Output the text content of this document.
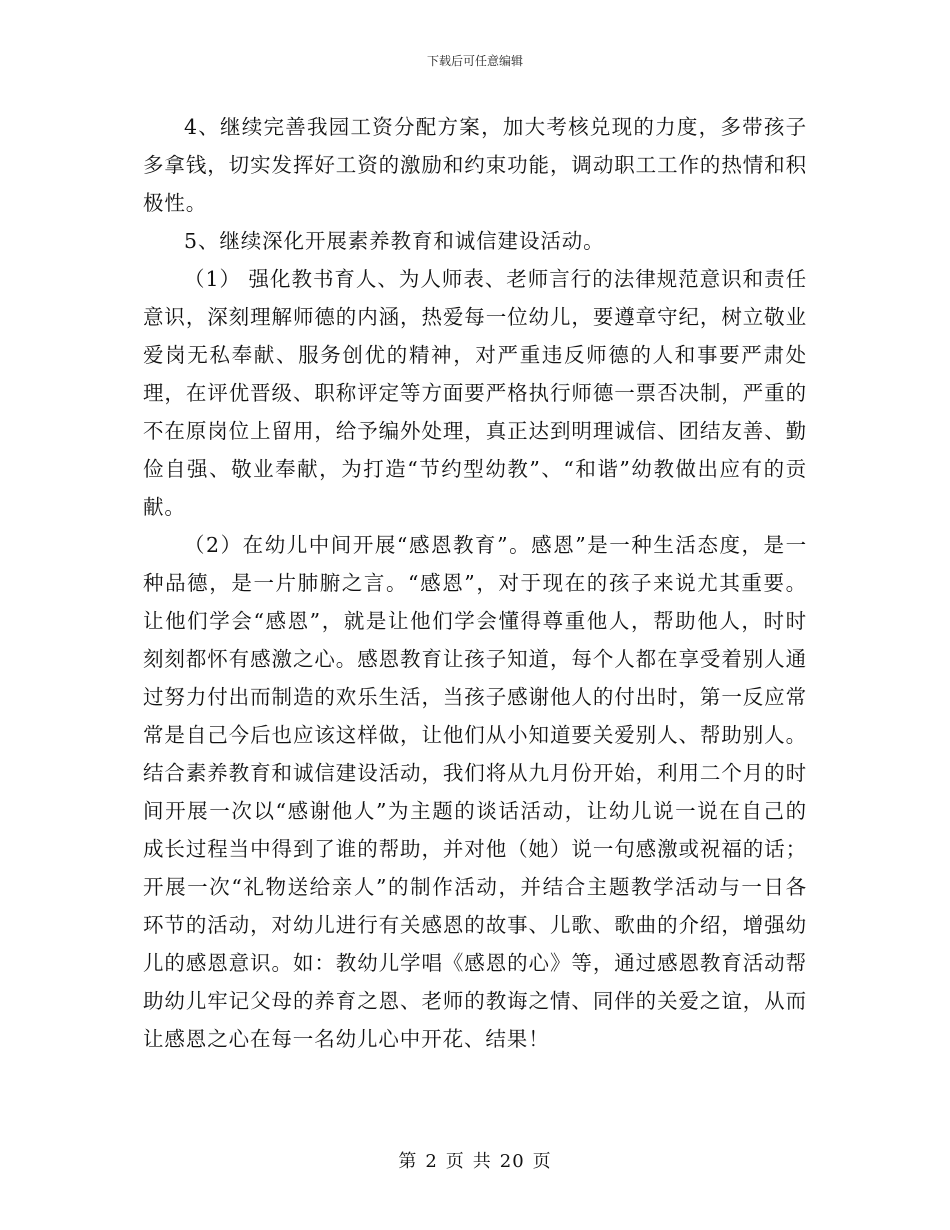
下载后可任意编辑

4、继续完善我园工资分配方案，加大考核兑现的力度，多带孩子多拿钱，切实发挥好工资的激励和约束功能，调动职工工作的热情和积极性。

5、继续深化开展素养教育和诚信建设活动。

（1） 强化教书育人、为人师表、老师言行的法律规范意识和责任意识，深刻理解师德的内涵，热爱每一位幼儿，要遵章守纪，树立敬业爱岗无私奉献、服务创优的精神，对严重违反师德的人和事要严肃处理，在评优晋级、职称评定等方面要严格执行师德一票否决制，严重的不在原岗位上留用，给予编外处理，真正达到明理诚信、团结友善、勤俭自强、敬业奉献，为打造“节约型幼教”、“和谐”幼教做出应有的贡献。

（2）在幼儿中间开展“感恩教育”。感恩”是一种生活态度，是一种品德，是一片肺腑之言。“感恩”，对于现在的孩子来说尤其重要。让他们学会“感恩”，就是让他们学会懂得尊重他人，帮助他人，时时刻刻都怀有感激之心。感恩教育让孩子知道，每个人都在享受着别人通过努力付出而制造的欢乐生活，当孩子感谢他人的付出时，第一反应常常是自己今后也应该这样做，让他们从小知道要关爱别人、帮助别人。结合素养教育和诚信建设活动，我们将从九月份开始，利用二个月的时间开展一次以“感谢他人”为主题的谈话活动，让幼儿说一说在自己的成长过程当中得到了谁的帮助，并对他（她）说一句感激或祝福的话；开展一次“礼物送给亲人”的制作活动，并结合主题教学活动与一日各环节的活动，对幼儿进行有关感恩的故事、儿歌、歌曲的介绍，增强幼儿的感恩意识。如：教幼儿学唱《感恩的心》等，通过感恩教育活动帮助幼儿牢记父母的养育之恩、老师的教诲之情、同伴的关爱之谊，从而让感恩之心在每一名幼儿心中开花、结果！

第 2 页 共 20 页
